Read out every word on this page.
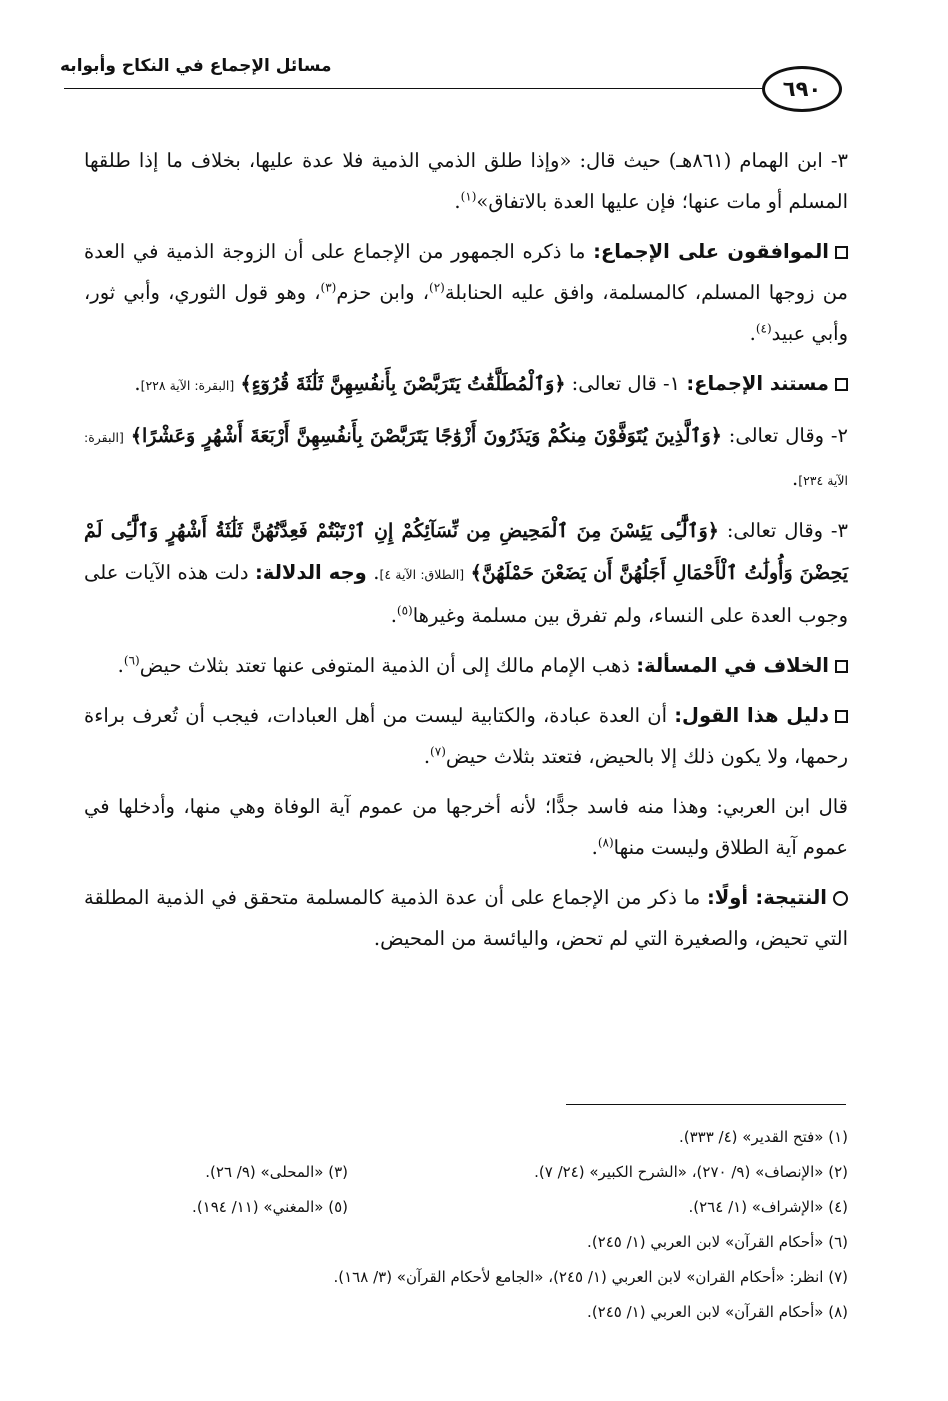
مسائل الإجماع في النكاح وأبوابه
٦٩٠

٣- ابن الهمام (٨٦١هـ) حيث قال: «وإذا طلق الذمي الذمية فلا عدة عليها، بخلاف ما إذا طلقها المسلم أو مات عنها؛ فإن عليها العدة بالاتفاق»$^{(١)}$.

الموافقون على الإجماع: ما ذكره الجمهور من الإجماع على أن الزوجة الذمية في العدة من زوجها المسلم، كالمسلمة، وافق عليه الحنابلة$^{(٢)}$، وابن حزم$^{(٣)}$، وهو قول الثوري، وأبي ثور، وأبي عبيد$^{(٤)}$.

مستند الإجماع: ١- قال تعالى: ﴿وَٱلْمُطَلَّقَٰتُ يَتَرَبَّصْنَ بِأَنفُسِهِنَّ ثَلَٰثَةَ قُرُوٓءٍ﴾ [البقرة: الآية ٢٢٨].

٢- وقال تعالى: ﴿وَٱلَّذِينَ يُتَوَفَّوْنَ مِنكُمْ وَيَذَرُونَ أَزْوَٰجًا يَتَرَبَّصْنَ بِأَنفُسِهِنَّ أَرْبَعَةَ أَشْهُرٍ وَعَشْرًا﴾ [البقرة: الآية ٢٣٤].

٣- وقال تعالى: ﴿وَٱلَّٰٓـِٔى يَئِسْنَ مِنَ ٱلْمَحِيضِ مِن نِّسَآئِكُمْ إِنِ ٱرْتَبْتُمْ فَعِدَّتُهُنَّ ثَلَٰثَةُ أَشْهُرٍ وَٱلَّٰٓـِٔى لَمْ يَحِضْنَ وَأُولَٰتُ ٱلْأَحْمَالِ أَجَلُهُنَّ أَن يَضَعْنَ حَمْلَهُنَّ﴾ [الطلاق: الآية ٤]. وجه الدلالة: دلت هذه الآيات على وجوب العدة على النساء، ولم تفرق بين مسلمة وغيرها$^{(٥)}$.

الخلاف في المسألة: ذهب الإمام مالك إلى أن الذمية المتوفى عنها تعتد بثلاث حيض$^{(٦)}$.

دليل هذا القول: أن العدة عبادة، والكتابية ليست من أهل العبادات، فيجب أن تُعرف براءة رحمها، ولا يكون ذلك إلا بالحيض، فتعتد بثلاث حيض$^{(٧)}$.

قال ابن العربي: وهذا منه فاسد جدًّا؛ لأنه أخرجها من عموم آية الوفاة وهي منها، وأدخلها في عموم آية الطلاق وليست منها$^{(٨)}$.

النتيجة: أولًا: ما ذكر من الإجماع على أن عدة الذمية كالمسلمة متحقق في الذمية المطلقة التي تحيض، والصغيرة التي لم تحض، واليائسة من المحيض.

(١) «فتح القدير» (٤/ ٣٣٣).
(٢) «الإنصاف» (٩/ ٢٧٠)، «الشرح الكبير» (٢٤/ ٧).
(٣) «المحلى» (٩/ ٢٦).
(٤) «الإشراف» (١/ ٢٦٤).
(٥) «المغني» (١١/ ١٩٤).
(٦) «أحكام القرآن» لابن العربي (١/ ٢٤٥).
(٧) انظر: «أحكام القران» لابن العربي (١/ ٢٤٥)، «الجامع لأحكام القرآن» (٣/ ١٦٨).
(٨) «أحكام القرآن» لابن العربي (١/ ٢٤٥).
